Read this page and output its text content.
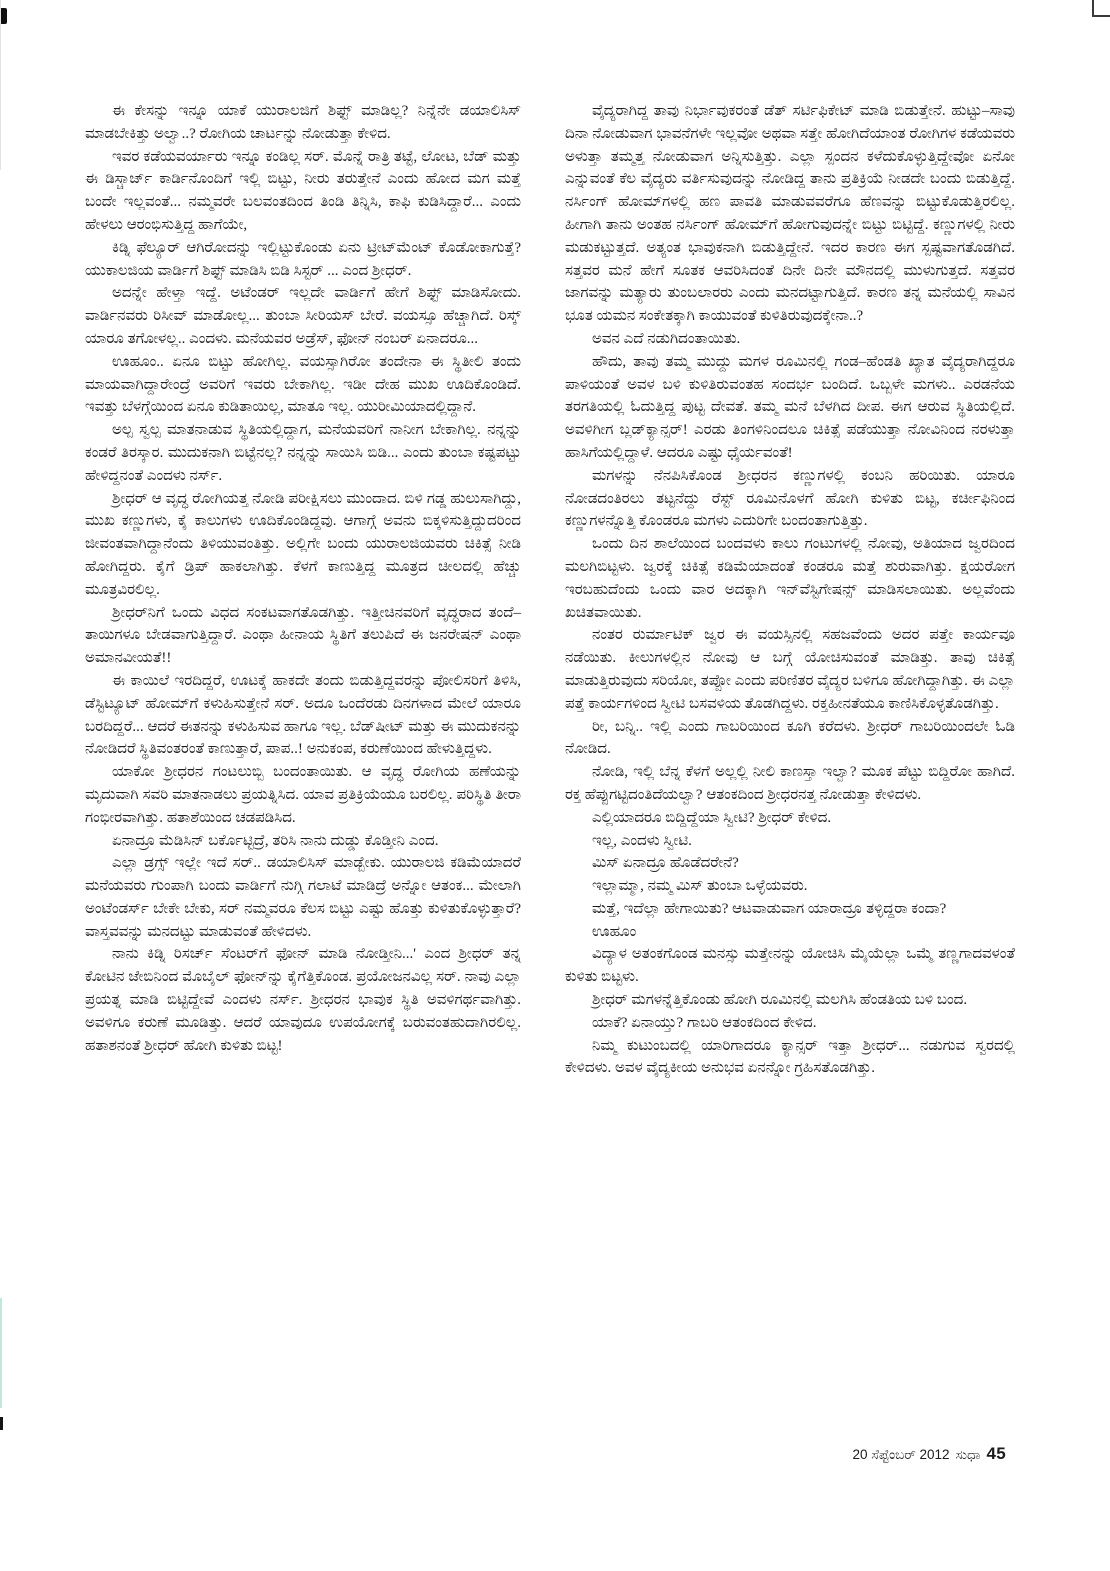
ಈ ಕೇಸನ್ನು ಇನ್ನೂ ಯಾಕೆ ಯುರಾಲಜಿಗೆ ಶಿಫ್ಟ್ ಮಾಡಿಲ್ಲ? ನಿನ್ನೆನೇ ಡಯಾಲಿಸಿಸ್ ಮಾಡಬೇಕಿತ್ತು ಅಲ್ವಾ..? ರೋಗಿಯ ಚಾರ್ಟನ್ನು ನೋಡುತ್ತಾ ಕೇಳಿದ.

ಇವರ ಕಡೆಯವರ್ಯಾರು ಇನ್ನೂ ಕಂಡಿಲ್ಲ ಸರ್. ಮೊನ್ನೆ ರಾತ್ರಿ ತಟ್ಟೆ, ಲೋಟ, ಬೆಡ್ ಮತ್ತು ಈ ಡಿಸ್ಚಾರ್ಜ್ ಕಾರ್ಡಿನೊಂದಿಗೆ ಇಲ್ಲಿ ಬಿಟ್ಟು, ನೀರು ತರುತ್ತೇನೆ ಎಂದು ಹೋದ ಮಗ ಮತ್ತೆ ಬಂದೇ ಇಲ್ಲವಂತೆ... ನಮ್ಮವರೇ ಬಲವಂತದಿಂದ ತಿಂಡಿ ತಿನ್ನಿಸಿ, ಕಾಫಿ ಕುಡಿಸಿದ್ದಾರೆ... ಎಂದು ಹೇಳಲು ಆರಂಭಿಸುತ್ತಿದ್ದ ಹಾಗೆಯೇ,

ಕಿಡ್ನಿ ಫೆಲ್ಯೂರ್ ಆಗಿರೋದನ್ನು ಇಲ್ಲಿಟ್ಟುಕೊಂಡು ಏನು ಟ್ರೀಟ್‌ಮೆಂಟ್ ಕೊಡೋಕಾಗುತ್ತೆ? ಯುಕಾಲಜಿಯ ವಾರ್ಡಿಗೆ ಶಿಫ್ಟ್ ಮಾಡಿಸಿ ಬಿಡಿ ಸಿಸ್ಟರ್ ... ಎಂದ ಶ್ರೀಧರ್.

ಅದನ್ನೇ ಹೇಳ್ತಾ ಇದ್ದೆ. ಅಟೆಂಡರ್ ಇಲ್ಲದೇ ವಾರ್ಡಿಗೆ ಹೇಗೆ ಶಿಫ್ಟ್ ಮಾಡಿಸೋದು. ವಾರ್ಡಿನವರು ರಿಸೀವ್ ಮಾಡೋಲ್ಲ... ತುಂಬಾ ಸೀರಿಯಸ್ ಬೇರೆ. ವಯಸ್ಸೂ ಹೆಚ್ಚಾಗಿದೆ. ರಿಸ್ಕ್ ಯಾರೂ ತಗೋಳಲ್ಲ.. ಎಂದಳು. ಮನೆಯವರ ಅಡ್ರೆಸ್, ಫೋನ್ ನಂಬರ್ ಏನಾದರೂ...

ಊಹೂಂ.. ಏನೂ ಬಿಟ್ಟು ಹೋಗಿಲ್ಲ. ವಯಸ್ಸಾಗಿರೋ ತಂದೇನಾ ಈ ಸ್ಥಿತೀಲಿ ತಂದು ಮಾಯವಾಗಿದ್ದಾರೇಂದ್ರೆ ಅವರಿಗೆ ಇವರು ಬೇಕಾಗಿಲ್ಲ. ಇಡೀ ದೇಹ ಮುಖ ಊದಿಕೊಂಡಿದೆ. ಇವತ್ತು ಬೆಳಗ್ಗೆಯಿಂದ ಏನೂ ಕುಡಿತಾಯಿಲ್ಲ, ಮಾತೂ ಇಲ್ಲ. ಯುರೀಮಿಯಾದಲ್ಲಿದ್ದಾನೆ.

ಅಲ್ಪ ಸ್ವಲ್ಪ ಮಾತನಾಡುವ ಸ್ಥಿತಿಯಲ್ಲಿದ್ದಾಗ, ಮನೆಯವರಿಗೆ ನಾನೀಗ ಬೇಕಾಗಿಲ್ಲ. ನನ್ನನ್ನು ಕಂಡರೆ ತಿರಸ್ಕಾರ. ಮುದುಕನಾಗಿ ಬಿಟ್ಟೆನಲ್ಲ? ನನ್ನನ್ನು ಸಾಯಿಸಿ ಬಿಡಿ... ಎಂದು ತುಂಬಾ ಕಷ್ಟಪಟ್ಟು ಹೇಳಿದ್ದನಂತೆ ಎಂದಳು ನರ್ಸ್.

ಶ್ರೀಧರ್ ಆ ವೃದ್ಧ ರೋಗಿಯತ್ತ ನೋಡಿ ಪರೀಕ್ಷಿಸಲು ಮುಂದಾದ. ಬಿಳಿ ಗಡ್ಡ ಹುಲುಸಾಗಿದ್ದು, ಮುಖ ಕಣ್ಣುಗಳು, ಕೈ ಕಾಲುಗಳು ಊದಿಕೊಂಡಿದ್ದವು. ಆಗಾಗ್ಗೆ ಅವನು ಬಿಕ್ಕಳಿಸುತ್ತಿದ್ದುದರಿಂದ ಜೀವಂತವಾಗಿದ್ದಾನೆಂದು ತಿಳಿಯುವಂತಿತ್ತು. ಅಲ್ಲಿಗೇ ಬಂದು ಯುರಾಲಜಿಯವರು ಚಿಕಿತ್ಸೆ ನೀಡಿ ಹೋಗಿದ್ದರು. ಕೈಗೆ ಡ್ರಿಪ್ ಹಾಕಲಾಗಿತ್ತು. ಕೆಳಗೆ ಕಾಣುತ್ತಿದ್ದ ಮೂತ್ರದ ಚೀಲದಲ್ಲಿ ಹೆಚ್ಚು ಮೂತ್ರವಿರಲಿಲ್ಲ.

ಶ್ರೀಧರ್‌ನಿಗೆ ಒಂದು ವಿಧದ ಸಂಕಟವಾಗತೊಡಗಿತ್ತು. ಇತ್ತೀಚಿನವರಿಗೆ ವೃದ್ಧರಾದ ತಂದೆ–ತಾಯಿಗಳೂ ಬೇಡವಾಗುತ್ತಿದ್ದಾರೆ. ಎಂಥಾ ಹೀನಾಯ ಸ್ಥಿತಿಗೆ ತಲುಪಿದೆ ಈ ಜನರೇಷನ್ ಎಂಥಾ ಅಮಾನವೀಯತೆ!!

ಈ ಕಾಯಿಲೆ ಇರದಿದ್ದರೆ, ಊಟಕ್ಕೆ ಹಾಕದೇ ತಂದು ಬಿಡುತ್ತಿದ್ದವರನ್ನು ಪೋಲಿಸರಿಗೆ ತಿಳಿಸಿ, ಡೆಸ್ಟಿಟ್ಯೂಟ್ ಹೋಮ್‌ಗೆ ಕಳುಹಿಸುತ್ತೇನೆ ಸರ್. ಅದೂ ಒಂದೆರಡು ದಿನಗಳಾದ ಮೇಲೆ ಯಾರೂ ಬರದಿದ್ದರೆ... ಆದರೆ ಈತನನ್ನು ಕಳುಹಿಸುವ ಹಾಗೂ ಇಲ್ಲ. ಬೆಡ್‌ಷೀಟ್ ಮತ್ತು ಈ ಮುದುಕನನ್ನು ನೋಡಿದರೆ ಸ್ಥಿತಿವಂತರಂತೆ ಕಾಣುತ್ತಾರೆ, ಪಾಪ..! ಅನುಕಂಪ, ಕರುಣೆಯಿಂದ ಹೇಳುತ್ತಿದ್ದಳು.

ಯಾಕೋ ಶ್ರೀಧರನ ಗಂಟಲುಬ್ಬಿ ಬಂದಂತಾಯಿತು. ಆ ವೃದ್ಧ ರೋಗಿಯ ಹಣೆಯನ್ನು ಮೃದುವಾಗಿ ಸವರಿ ಮಾತನಾಡಲು ಪ್ರಯತ್ನಿಸಿದ. ಯಾವ ಪ್ರತಿಕ್ರಿಯೆಯೂ ಬರಲಿಲ್ಲ. ಪರಿಸ್ಥಿತಿ ತೀರಾ ಗಂಭೀರವಾಗಿತ್ತು. ಹತಾಶೆಯಿಂದ ಚಡಪಡಿಸಿದ.

ಏನಾದ್ರೂ ಮೆಡಿಸಿನ್ ಬರ್ಕೊಟ್ಟಿದ್ರೆ, ತರಿಸಿ ನಾನು ದುಡ್ಡು ಕೊಡ್ತೀನಿ ಎಂದ.

ಎಲ್ಲಾ ಡ್ರಗ್ಸ್ ಇಲ್ಲೇ ಇದೆ ಸರ್.. ಡಯಾಲಿಸಿಸ್ ಮಾಡ್ಬೇಕು. ಯುರಾಲಜಿ ಕಡಿಮೆಯಾದರೆ ಮನೆಯವರು ಗುಂಪಾಗಿ ಬಂದು ವಾರ್ಡಿಗೆ ನುಗ್ಗಿ ಗಲಾಟೆ ಮಾಡಿದ್ರೆ ಅನ್ನೋ ಆತಂಕ... ಮೇಲಾಗಿ ಅಂಟೆಂಡರ್ಸ್ ಬೇಕೇ ಬೇಕು, ಸರ್ ನಮ್ಮವರೂ ಕೆಲಸ ಬಿಟ್ಟು ಎಷ್ಟು ಹೊತ್ತು ಕುಳಿತುಕೊಳ್ಳುತ್ತಾರೆ? ವಾಸ್ತವವನ್ನು ಮನದಟ್ಟು ಮಾಡುವಂತೆ ಹೇಳಿದಳು.

ನಾನು ಕಿಡ್ನಿ ರಿಸರ್ಚ್ ಸೆಂಟರ್‌ಗೆ ಫೋನ್ ಮಾಡಿ ನೋಡ್ತೀನಿ...' ಎಂದ ಶ್ರೀಧರ್ ತನ್ನ ಕೋಟಿನ ಜೇಬಿನಿಂದ ಮೊಬೈಲ್ ಫೋನ್‌ನ್ನು ಕೈಗೆತ್ತಿಕೊಂಡ. ಪ್ರಯೋಜನವಿಲ್ಲ ಸರ್. ನಾವು ಎಲ್ಲಾ ಪ್ರಯತ್ನ ಮಾಡಿ ಬಿಟ್ಟಿದ್ದೇವೆ ಎಂದಳು ನರ್ಸ್. ಶ್ರೀಧರನ ಭಾವುಕ ಸ್ಥಿತಿ ಅವಳಿಗರ್ಥವಾಗಿತ್ತು. ಅವಳಿಗೂ ಕರುಣೆ ಮೂಡಿತ್ತು. ಆದರೆ ಯಾವುದೂ ಉಪಯೋಗಕ್ಕೆ ಬರುವಂತಹುದಾಗಿರಲಿಲ್ಲ. ಹತಾಶನಂತೆ ಶ್ರೀಧರ್ ಹೋಗಿ ಕುಳಿತು ಬಿಟ್ಟ!

ವೈದ್ಯರಾಗಿದ್ದ ತಾವು ನಿರ್ಭಾವುಕರಂತೆ ಡೆತ್ ಸರ್ಟಿಫಿಕೇಟ್ ಮಾಡಿ ಬಿಡುತ್ತೇನೆ. ಹುಟ್ಟು–ಸಾವು ದಿನಾ ನೋಡುವಾಗ ಭಾವನೆಗಳೇ ಇಲ್ಲವೋ ಅಥವಾ ಸತ್ತೇ ಹೋಗಿದೆಯಾಂತ ರೋಗಿಗಳ ಕಡೆಯವರು ಅಳುತ್ತಾ ತಮ್ಮತ್ತ ನೋಡುವಾಗ ಅನ್ನಿಸುತ್ತಿತ್ತು. ಎಲ್ಲಾ ಸ್ಪಂದನ ಕಳೆದುಕೊಳ್ಳುತ್ತಿದ್ದೇವೋ ಏನೋ ಎನ್ನುವಂತೆ ಕೆಲ ವೈದ್ಯರು ವರ್ತಿಸುವುದನ್ನು ನೋಡಿದ್ದ ತಾನು ಪ್ರತಿಕ್ರಿಯೆ ನೀಡದೇ ಬಂದು ಬಿಡುತ್ತಿದ್ದೆ. ನರ್ಸಿಂಗ್ ಹೋಮ್‌ಗಳಲ್ಲಿ ಹಣ ಪಾವತಿ ಮಾಡುವವರೆಗೂ ಹೆಣವನ್ನು ಬಿಟ್ಟುಕೊಡುತ್ತಿರಲಿಲ್ಲ. ಹೀಗಾಗಿ ತಾನು ಅಂತಹ ನರ್ಸಿಂಗ್ ಹೋಮ್‌ಗೆ ಹೋಗುವುದನ್ನೇ ಬಿಟ್ಟು ಬಿಟ್ಟಿದ್ದೆ. ಕಣ್ಣುಗಳಲ್ಲಿ ನೀರು ಮಡುಕಟ್ಟುತ್ತದೆ. ಅತ್ಯಂತ ಭಾವುಕನಾಗಿ ಬಿಡುತ್ತಿದ್ದೇನೆ. ಇದರ ಕಾರಣ ಈಗ ಸ್ಪಷ್ಟವಾಗತೊಡಗಿದೆ. ಸತ್ತವರ ಮನೆ ಹೇಗೆ ಸೂತಕ ಆವರಿಸಿದಂತೆ ದಿನೇ ದಿನೇ ಮೌನದಲ್ಲಿ ಮುಳುಗುತ್ತದೆ. ಸತ್ತವರ ಜಾಗವನ್ನು ಮತ್ಯಾರು ತುಂಬಲಾರರು ಎಂದು ಮನದಟ್ಟಾಗುತ್ತಿದೆ. ಕಾರಣ ತನ್ನ ಮನೆಯಲ್ಲಿ ಸಾವಿನ ಭೂತ ಯಮನ ಸಂಕೇತಕ್ಕಾಗಿ ಕಾಯುವಂತೆ ಕುಳಿತಿರುವುದಕ್ಕೇನಾ..?

ಅವನ ಎದೆ ನಡುಗಿದಂತಾಯಿತು.

ಹೌದು, ತಾವು ತಮ್ಮ ಮುದ್ದು ಮಗಳ ರೂಮಿನಲ್ಲಿ ಗಂಡ–ಹೆಂಡತಿ ಖ್ಯಾತ ವೈದ್ಯರಾಗಿದ್ದರೂ ಪಾಳಿಯಂತೆ ಅವಳ ಬಳಿ ಕುಳಿತಿರುವಂತಹ ಸಂದರ್ಭ ಬಂದಿದೆ. ಒಬ್ಬಳೇ ಮಗಳು.. ಎರಡನೆಯ ತರಗತಿಯಲ್ಲಿ ಓದುತ್ತಿದ್ದ ಪುಟ್ಟ ದೇವತೆ. ತಮ್ಮ ಮನೆ ಬೆಳಗಿದ ದೀಪ. ಈಗ ಆರುವ ಸ್ಥಿತಿಯಲ್ಲಿದೆ. ಅವಳಿಗೀಗ ಬ್ಲಡ್‌ಕ್ಯಾನ್ಸರ್! ಎರಡು ತಿಂಗಳಿನಿಂದಲೂ ಚಿಕಿತ್ಸೆ ಪಡೆಯುತ್ತಾ ನೋವಿನಿಂದ ನರಳುತ್ತಾ ಹಾಸಿಗೆಯಲ್ಲಿದ್ದಾಳೆ. ಆದರೂ ಎಷ್ಟು ಧೈರ್ಯವಂತೆ!

ಮಗಳನ್ನು ನೆನಪಿಸಿಕೊಂಡ ಶ್ರೀಧರನ ಕಣ್ಣುಗಳಲ್ಲಿ ಕಂಬನಿ ಹರಿಯಿತು. ಯಾರೂ ನೋಡದಂತಿರಲು ತಟ್ಟನೆದ್ದು ರೆಸ್ಟ್ ರೂಮಿನೊಳಗೆ ಹೋಗಿ ಕುಳಿತು ಬಿಟ್ಟ, ಕರ್ಚೀಫಿನಿಂದ ಕಣ್ಣುಗಳನ್ನೊತ್ತಿ ಕೊಂಡರೂ ಮಗಳು ಎದುರಿಗೇ ಬಂದಂತಾಗುತ್ತಿತ್ತು.

ಒಂದು ದಿನ ಶಾಲೆಯಿಂದ ಬಂದವಳು ಕಾಲು ಗಂಟುಗಳಲ್ಲಿ ನೋವು, ಅತಿಯಾದ ಜ್ವರದಿಂದ ಮಲಗಿಬಿಟ್ಟಳು. ಜ್ವರಕ್ಕೆ ಚಿಕಿತ್ಸೆ ಕಡಿಮೆಯಾದಂತೆ ಕಂಡರೂ ಮತ್ತೆ ಶುರುವಾಗಿತ್ತು. ಕ್ಷಯರೋಗ ಇರಬಹುದೆಂದು ಒಂದು ವಾರ ಅದಕ್ಕಾಗಿ ಇನ್‌ವೆಸ್ಟಿಗೇಷನ್ಸ್ ಮಾಡಿಸಲಾಯಿತು. ಅಲ್ಲವೆಂದು ಖಚಿತವಾಯಿತು.

ನಂತರ ರುರ್ಮಾಟಿಕ್ ಜ್ವರ ಈ ವಯಸ್ಸಿನಲ್ಲಿ ಸಹಜವೆಂದು ಅದರ ಪತ್ತೇ ಕಾರ್ಯವೂ ನಡೆಯಿತು. ಕೀಲುಗಳಲ್ಲಿನ ನೋವು ಆ ಬಗ್ಗೆ ಯೋಚಿಸುವಂತೆ ಮಾಡಿತ್ತು. ತಾವು ಚಿಕಿತ್ಸೆ ಮಾಡುತ್ತಿರುವುದು ಸರಿಯೋ, ತಪ್ಪೋ ಎಂದು ಪರಿಣಿತರ ವೈದ್ಯರ ಬಳಿಗೂ ಹೋಗಿದ್ದಾಗಿತ್ತು. ಈ ಎಲ್ಲಾ ಪತ್ತೆ ಕಾರ್ಯಗಳಿಂದ ಸ್ವೀಟಿ ಬಸವಳಿಯ ತೊಡಗಿದ್ದಳು. ರಕ್ತಹೀನತೆಯೂ ಕಾಣಿಸಿಕೊಳ್ಳತೊಡಗಿತ್ತು.

ರೀ, ಬನ್ನಿ.. ಇಲ್ಲಿ ಎಂದು ಗಾಬರಿಯಿಂದ ಕೂಗಿ ಕರೆದಳು. ಶ್ರೀಧರ್ ಗಾಬರಿಯಿಂದಲೇ ಓಡಿ ನೋಡಿದ.

ನೋಡಿ, ಇಲ್ಲಿ ಬೆನ್ನ ಕೆಳಗೆ ಅಲ್ಲಲ್ಲಿ ನೀಲಿ ಕಾಣಸ್ತಾ ಇಲ್ವಾ? ಮೂಕ ಪೆಟ್ಟು ಬಿದ್ದಿರೋ ಹಾಗಿದೆ. ರಕ್ತ ಹೆಪ್ಪುಗಟ್ಟಿದಂತಿದೆಯಲ್ವಾ? ಆತಂಕದಿಂದ ಶ್ರೀಧರನತ್ತ ನೋಡುತ್ತಾ ಕೇಳಿದಳು.

ಎಲ್ಲಿಯಾದರೂ ಬಿದ್ದಿದ್ದೆಯಾ ಸ್ವೀಟಿ? ಶ್ರೀಧರ್ ಕೇಳಿದ.

ಇಲ್ಲ, ಎಂದಳು ಸ್ವೀಟಿ.

ಮಿಸ್ ಏನಾದ್ರೂ ಹೊಡೆದರೇನೆ?

ಇಲ್ಲಾಮ್ಮಾ, ನಮ್ಮ ಮಿಸ್ ತುಂಬಾ ಒಳ್ಳೆಯವರು.

ಮತ್ತೆ, ಇದೆಲ್ಲಾ ಹೇಗಾಯಿತು? ಆಟವಾಡುವಾಗ ಯಾರಾದ್ರೂ ತಳ್ಳಿದ್ದರಾ ಕಂದಾ?

ಊಹೂಂ

ವಿದ್ಯಾಳ ಅತಂಕಗೊಂಡ ಮನಸ್ಸು ಮತ್ತೇನನ್ನು ಯೋಚಿಸಿ ಮೈಯೆಲ್ಲಾ ಒಮ್ಮೆ ತಣ್ಣಗಾದವಳಂತೆ ಕುಳಿತು ಬಿಟ್ಟಳು.

ಶ್ರೀಧರ್ ಮಗಳನ್ನೆತ್ತಿಕೊಂಡು ಹೋಗಿ ರೂಮಿನಲ್ಲಿ ಮಲಗಿಸಿ ಹೆಂಡತಿಯ ಬಳಿ ಬಂದ.

ಯಾಕೆ? ಏನಾಯ್ತು? ಗಾಬರಿ ಆತಂಕದಿಂದ ಕೇಳಿದ.

ನಿಮ್ಮ ಕುಟುಂಬದಲ್ಲಿ ಯಾರಿಗಾದರೂ ಕ್ಯಾನ್ಸರ್ ಇತ್ತಾ ಶ್ರೀಧರ್... ನಡುಗುವ ಸ್ವರದಲ್ಲಿ ಕೇಳಿದಳು. ಅವಳ ವೈದ್ಯಕೀಯ ಅನುಭವ ಏನನ್ನೋ ಗ್ರಹಿಸತೊಡಗಿತ್ತು.

20 ಸೆಪ್ಟೆಂಬರ್ 2012 ಸುಧಾ 45
